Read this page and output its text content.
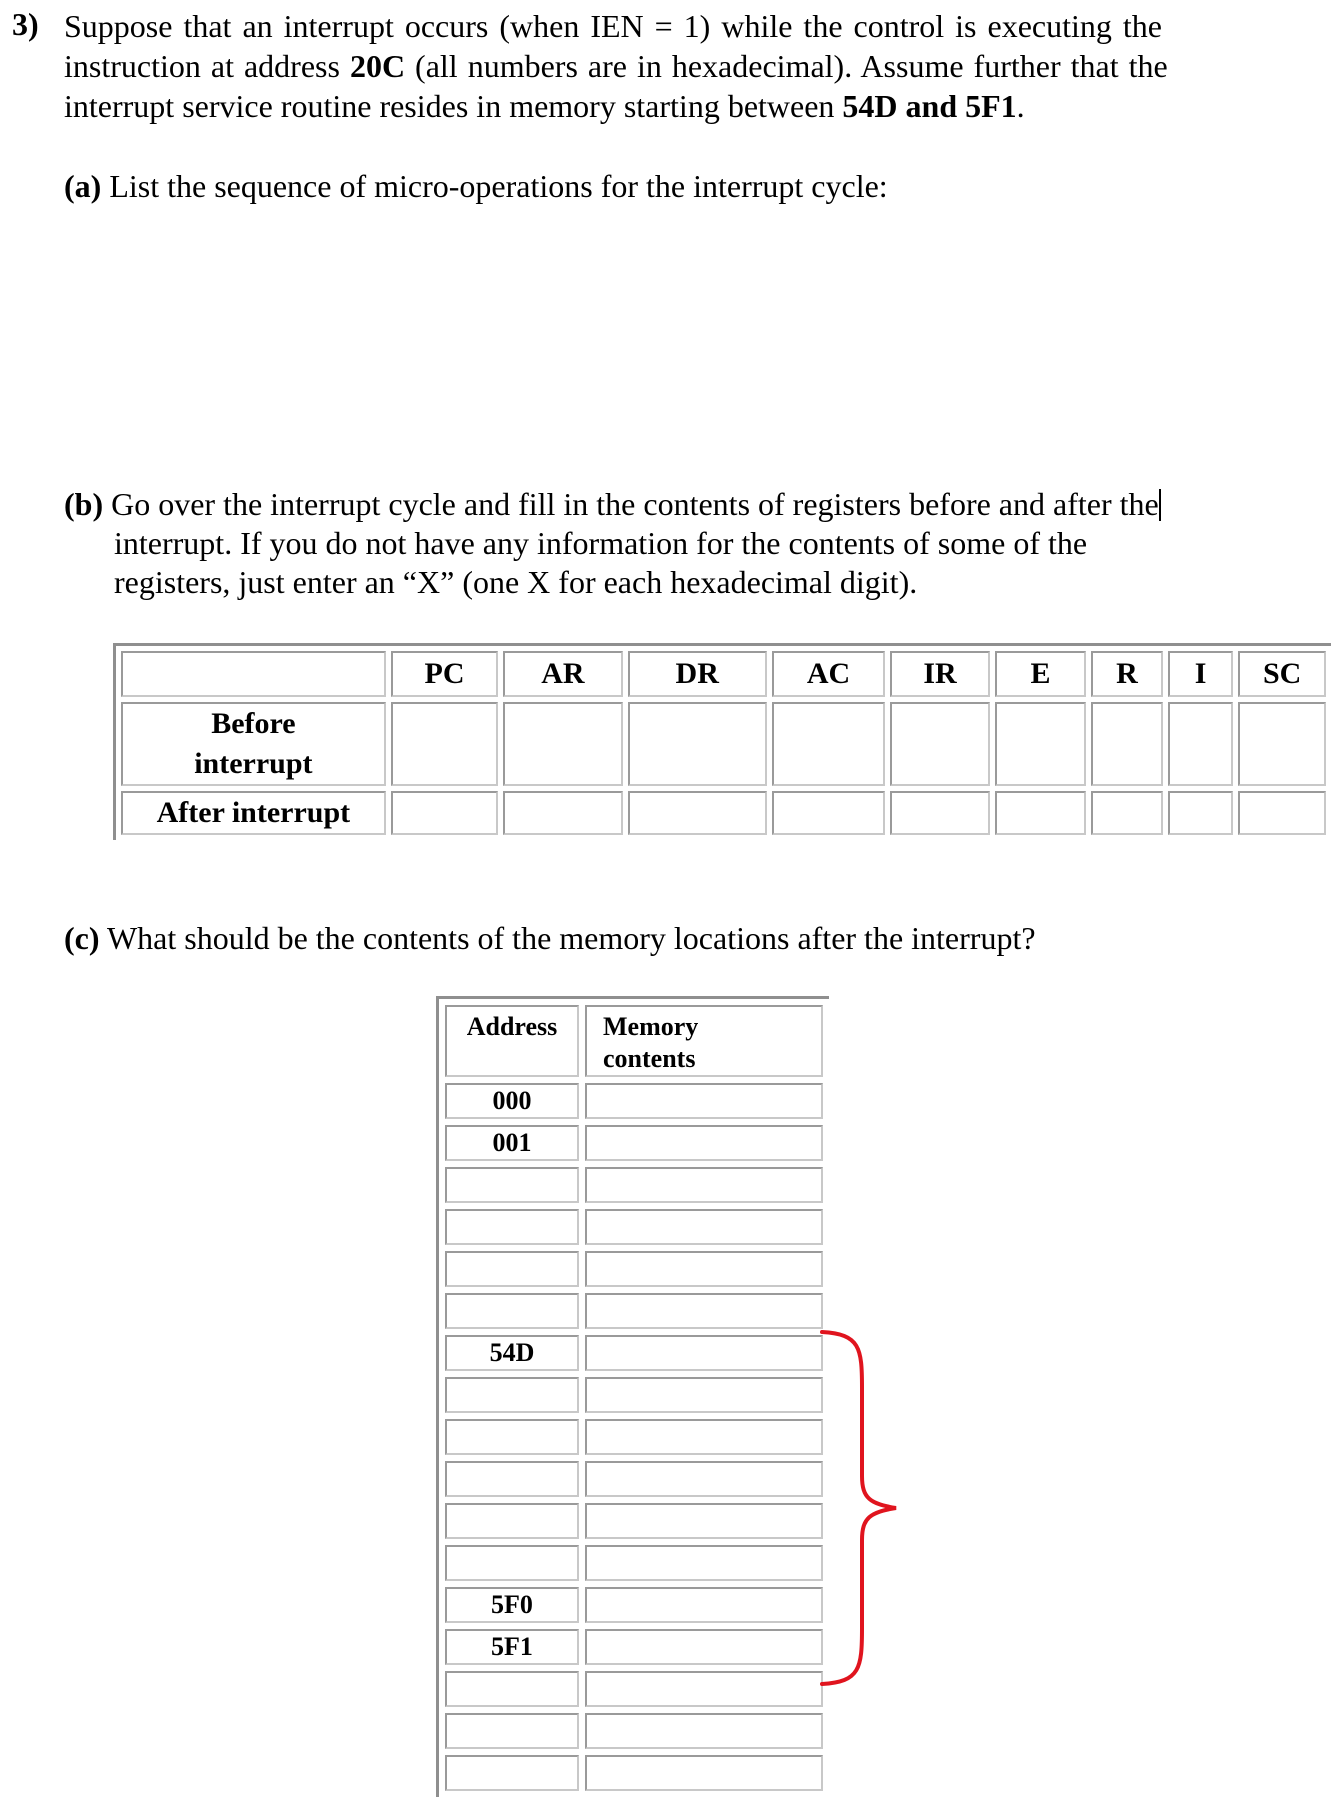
3) Suppose that an interrupt occurs (when IEN = 1) while the control is executing the
instruction at address 20C (all numbers are in hexadecimal). Assume further that the
interrupt service routine resides in memory starting between 54D and 5F1.
(a) List the sequence of micro-operations for the interrupt cycle:
(b) Go over the interrupt cycle and fill in the contents of registers before and after the
interrupt. If you do not have any information for the contents of some of the
registers, just enter an “X” (one X for each hexadecimal digit).
	PC	AR	DR	AC	IR	E	R	I	SC
Before
interrupt									
After interrupt									
(c) What should be the contents of the memory locations after the interrupt?
Address	Memory
contents
000	
001	

54D	

5F0	
5F1	
